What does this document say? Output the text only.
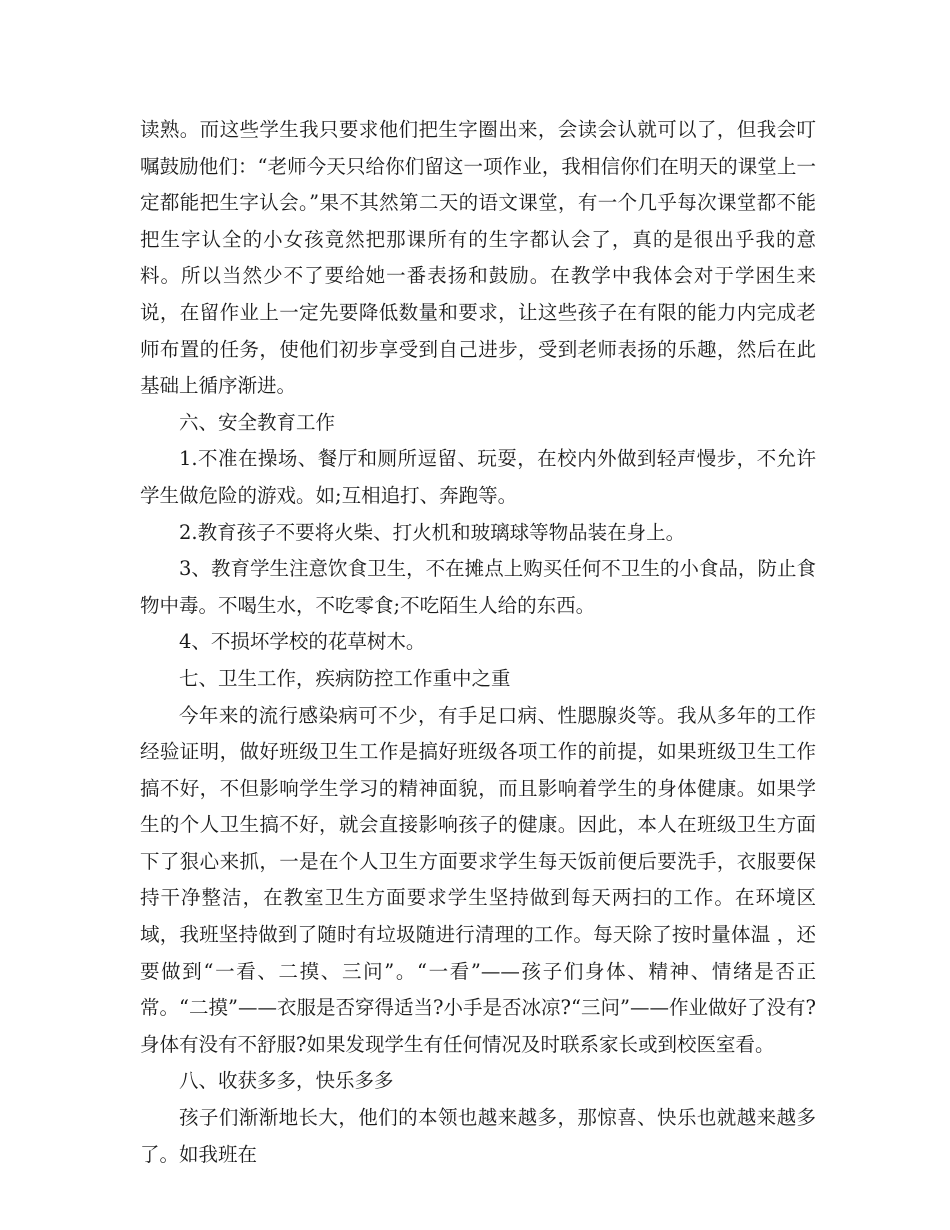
读熟。而这些学生我只要求他们把生字圈出来，会读会认就可以了，但我会叮嘱鼓励他们：“老师今天只给你们留这一项作业，我相信你们在明天的课堂上一定都能把生字认会。”果不其然第二天的语文课堂，有一个几乎每次课堂都不能把生字认全的小女孩竟然把那课所有的生字都认会了，真的是很出乎我的意料。所以当然少不了要给她一番表扬和鼓励。在教学中我体会对于学困生来说，在留作业上一定先要降低数量和要求，让这些孩子在有限的能力内完成老师布置的任务，使他们初步享受到自己进步，受到老师表扬的乐趣，然后在此基础上循序渐进。

六、安全教育工作

1.不准在操场、餐厅和厕所逗留、玩耍，在校内外做到轻声慢步，不允许学生做危险的游戏。如;互相追打、奔跑等。

2.教育孩子不要将火柴、打火机和玻璃球等物品装在身上。

3、教育学生注意饮食卫生，不在摊点上购买任何不卫生的小食品，防止食物中毒。不喝生水，不吃零食;不吃陌生人给的东西。

4、不损坏学校的花草树木。

七、卫生工作，疾病防控工作重中之重

今年来的流行感染病可不少，有手足口病、性腮腺炎等。我从多年的工作经验证明，做好班级卫生工作是搞好班级各项工作的前提，如果班级卫生工作搞不好，不但影响学生学习的精神面貌，而且影响着学生的身体健康。如果学生的个人卫生搞不好，就会直接影响孩子的健康。因此，本人在班级卫生方面下了狠心来抓，一是在个人卫生方面要求学生每天饭前便后要洗手，衣服要保持干净整洁，在教室卫生方面要求学生坚持做到每天两扫的工作。在环境区域，我班坚持做到了随时有垃圾随进行清理的工作。每天除了按时量体温 ，还要做到“一看、二摸、三问”。“一看”——孩子们身体、精神、情绪是否正常。“二摸”——衣服是否穿得适当?小手是否冰凉?“三问”——作业做好了没有?身体有没有不舒服?如果发现学生有任何情况及时联系家长或到校医室看。

八、收获多多，快乐多多

孩子们渐渐地长大，他们的本领也越来越多，那惊喜、快乐也就越来越多了。如我班在
